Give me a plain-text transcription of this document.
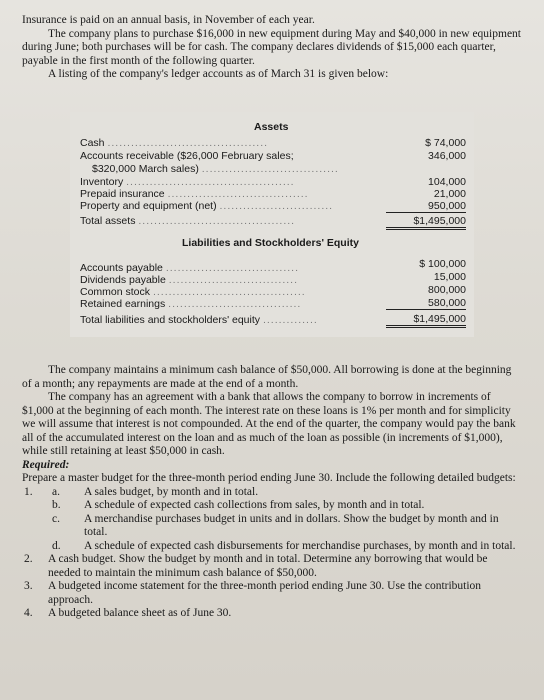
Insurance is paid on an annual basis, in November of each year.

The company plans to purchase $16,000 in new equipment during May and $40,000 in new equipment during June; both purchases will be for cash. The company declares dividends of $15,000 each quarter, payable in the first month of the following quarter.

A listing of the company's ledger accounts as of March 31 is given below:

Assets
Cash .........................................	$ 74,000
Accounts receivable ($26,000 February sales;	346,000
$320,000 March sales) ...................................
Inventory ...........................................	104,000
Prepaid insurance ....................................	21,000
Property and equipment (net) .............................	950,000
Total assets ........................................	$1,495,000
Liabilities and Stockholders' Equity
Accounts payable ..................................	$ 100,000
Dividends payable .................................	15,000
Common stock .......................................	800,000
Retained earnings ..................................	580,000
Total liabilities and stockholders' equity ..............	$1,495,000

The company maintains a minimum cash balance of $50,000. All borrowing is done at the beginning of a month; any repayments are made at the end of a month.

The company has an agreement with a bank that allows the company to borrow in increments of $1,000 at the beginning of each month. The interest rate on these loans is 1% per month and for simplicity we will assume that interest is not compounded. At the end of the quarter, the company would pay the bank all of the accumulated interest on the loan and as much of the loan as possible (in increments of $1,000), while still retaining at least $50,000 in cash.

Required:

Prepare a master budget for the three-month period ending June 30. Include the following detailed budgets:

1. a. A sales budget, by month and in total.
b. A schedule of expected cash collections from sales, by month and in total.
c. A merchandise purchases budget in units and in dollars. Show the budget by month and in total.
d. A schedule of expected cash disbursements for merchandise purchases, by month and in total.
2. A cash budget. Show the budget by month and in total. Determine any borrowing that would be needed to maintain the minimum cash balance of $50,000.
3. A budgeted income statement for the three-month period ending June 30. Use the contribution approach.
4. A budgeted balance sheet as of June 30.
